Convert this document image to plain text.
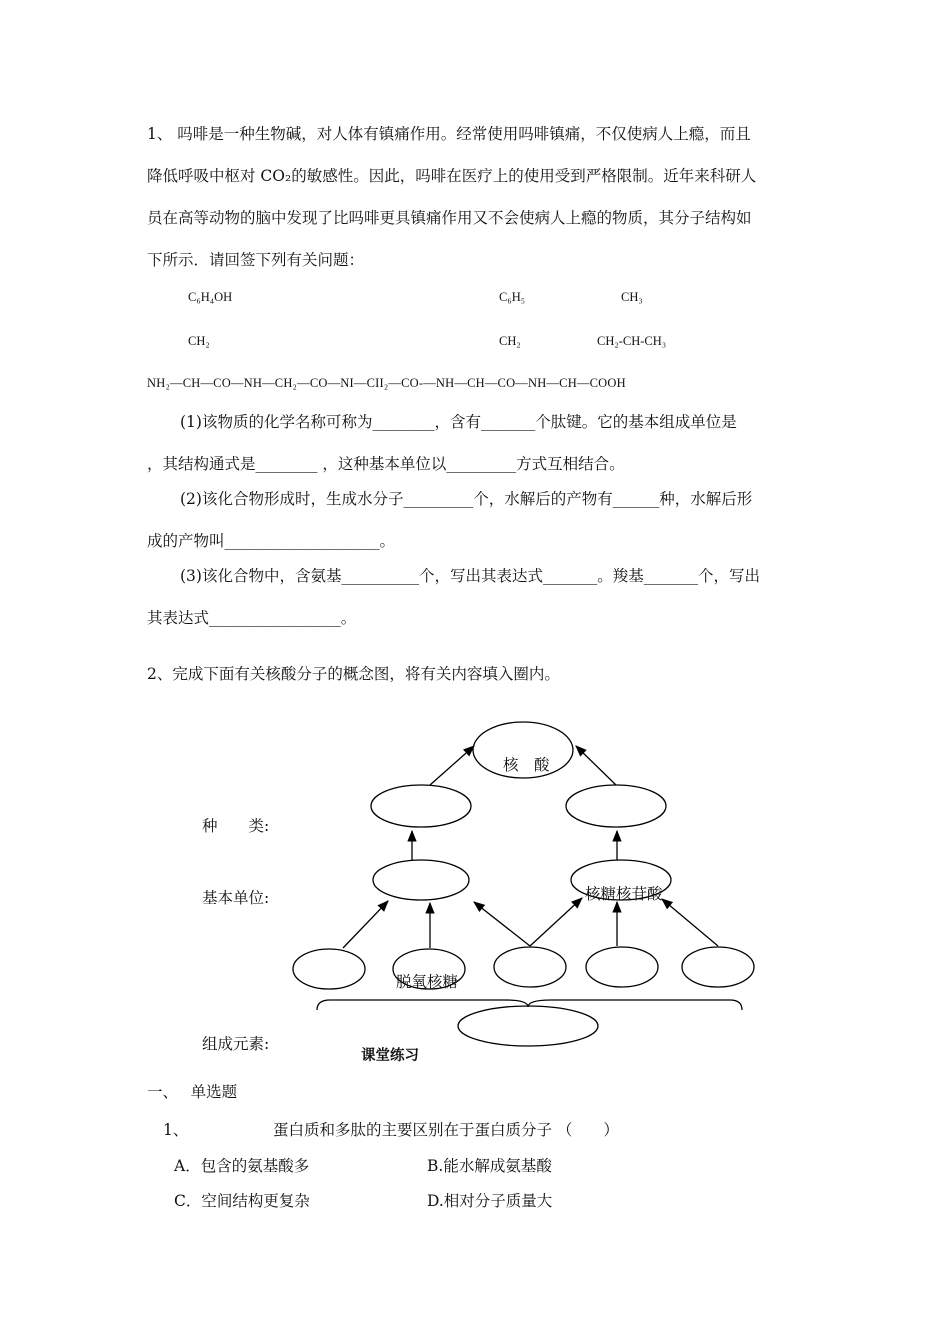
1、 吗啡是一种生物碱，对人体有镇痛作用。经常使用吗啡镇痛，不仅使病人上瘾，而且
降低呼吸中枢对 CO₂的敏感性。因此，吗啡在医疗上的使用受到严格限制。近年来科研人
员在高等动物的脑中发现了比吗啡更具镇痛作用又不会使病人上瘾的物质，其分子结构如
下所示．请回签下列有关问题：
C₆H₄OH
CH₂
C₆H₅
CH₂
CH₃
CH₂-CH-CH₃
NH₂—CH—CO—NH—CH₂—CO—NI—CII₂—CO-—NH—CH—CO—NH—CH—COOH
(1)该物质的化学名称可称为________，含有_______个肽键。它的基本组成单位是
，其结构通式是________ ，这种基本单位以_________方式互相结合。
(2)该化合物形成时，生成水分子_________个，水解后的产物有______种，水解后形
成的产物叫____________________。
(3)该化合物中，含氨基__________个，写出其表达式_______。羧基_______个，写出
其表达式_________________。
2、完成下面有关核酸分子的概念图，将有关内容填入圈内。
核　酸
核糖核苷酸
脱氧核糖
种　　类:
基本单位:
组成元素:
课堂练习
一、　 单选题
1、	蛋白质和多肽的主要区别在于蛋白质分子 （　　）
A．包含的氨基酸多	B.能水解成氨基酸
C．空间结构更复杂	D.相对分子质量大
